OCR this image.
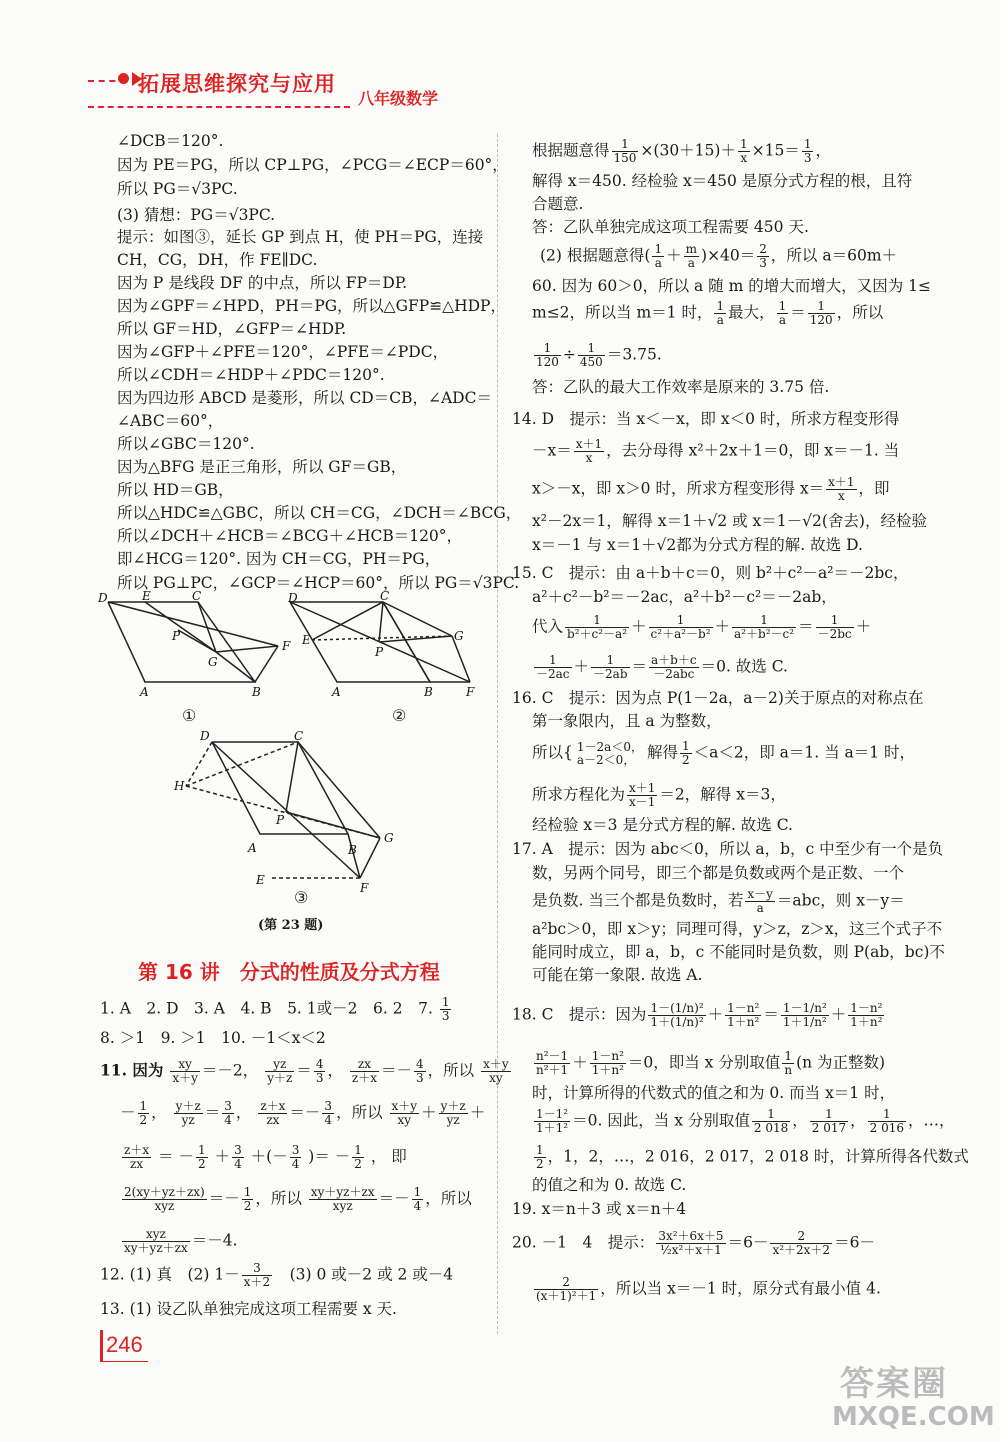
拓展思维探究与应用
八年级数学
∠DCB＝120°.
因为 PE＝PG，所以 CP⊥PG，∠PCG＝∠ECP＝60°，
所以 PG＝√3PC.
(3) 猜想：PG＝√3PC.
提示：如图③，延长 GP 到点 H，使 PH＝PG，连接
CH，CG，DH，作 FE∥DC.
因为 P 是线段 DF 的中点，所以 FP＝DP.
因为∠GPF＝∠HPD，PH＝PG，所以△GFP≌△HDP，
所以 GF＝HD，∠GFP＝∠HDP.
因为∠GFP＋∠PFE＝120°，∠PFE＝∠PDC，
所以∠CDH＝∠HDP＋∠PDC＝120°.
因为四边形 ABCD 是菱形，所以 CD＝CB，∠ADC＝
∠ABC＝60°，
所以∠GBC＝120°.
因为△BFG 是正三角形，所以 GF＝GB，
所以 HD＝GB，
所以△HDC≌△GBC，所以 CH＝CG，∠DCH＝∠BCG，
所以∠DCH＋∠HCB＝∠BCG＋∠HCB＝120°，
即∠HCG＝120°. 因为 CH＝CG，PH＝PG，
所以 PG⊥PC，∠GCP＝∠HCP＝60°，所以 PG＝√3PC.
D	E	C
P
G
F
A	B
D	C
E
P
G
A	B	F
D	C
H
P
G
A	B
E
F
①	②
③
(第 23 题)
第 16 讲　分式的性质及分式方程
1. A　2. D　3. A　4. B　5. 1或－2　6. 2　7. $\frac{1}{3}$
8. ＞1　9. ＞1　10. －1＜x＜2
11. 因为 $\frac{xy}{x+y} =-2$， $\frac{yz}{y+z} = \frac{4}{3}$ ， $\frac{zx}{z+x} =- \frac{4}{3}$ ，所以 $\frac{x+y}{xy}$
－ $\frac{1}{2}$ ， $\frac{y+z}{yz} = \frac{3}{4}$ ， $\frac{z+x}{zx} =- \frac{3}{4}$ ，所以 $\frac{x+y}{xy} + \frac{y+z}{yz}$ ＋
$\frac{z+x}{zx}$ ＝ － $\frac{1}{2} + \frac{3}{4}$ ＋(－ $\frac{3}{4}$ )＝ － $\frac{1}{2}$ ， 即
$\frac{2(xy+yz+zx)}{\text{xyz}} =- \frac{1}{2}$ ，所以 $\frac{xy+yz+zx}{\text{xyz}} =- \frac{1}{4}$ ，所以
$\frac{\text{xyz}}{xy+yz+zx} =-4$.
12. (1) 真　(2) $1- \frac{3}{x+2}$ 　(3) 0 或－2 或 2 或－4
13. (1) 设乙队单独完成这项工程需要 x 天.
根据题意得 $\frac{1}{150} \times(30+15)+ \frac{1}{x} \times 15= \frac{1}{3}$ ，
解得 x＝450. 经检验 x＝450 是原分式方程的根，且符
合题意.
答：乙队单独完成这项工程需要 450 天.
(2) 根据题意得( $\frac{1}{a} + \frac{m}{a} )\times 40= \frac{2}{3}$ ，所以 a＝60m＋
60. 因为 60＞0，所以 a 随 m 的增大而增大，又因为 1≤
m≤2，所以当 m＝1 时， $\frac{1}{a}$ 最大， $\frac{1}{a} = \frac{1}{120}$ ，所以
$\frac{1}{120} \div \frac{1}{450} =3.75$.
答：乙队的最大工作效率是原来的 3.75 倍.
14. D　提示：当 x＜－x，即 x＜0 时，所求方程变形得
$-x= \frac{x+1}{x}$ ，去分母得 x²＋2x＋1＝0，即 x＝－1. 当
x＞－x，即 x＞0 时，所求方程变形得 $x= \frac{x+1}{x}$ ，即
x²－2x＝1，解得 x＝1＋√2 或 x＝1－√2(舍去)，经检验
x＝－1 与 x＝1＋√2都为分式方程的解. 故选 D.
15. C　提示：由 a＋b＋c＝0，则 b²＋c²－a²＝－2bc，
a²＋c²－b²＝－2ac，a²＋b²－c²＝－2ab，
代入 $\frac{1}{\text{b²＋c²－a²}} + \frac{1}{\text{c²＋a²－b²}} + \frac{1}{\text{a²＋b²－c²}} = \frac{1}{-2bc}$ ＋
$\frac{1}{-2ac} + \frac{1}{-2ab} = \frac{a+b+c}{\text{－2abc}} =0$. 故选 C.
16. C　提示：因为点 P(1－2a，a－2)关于原点的对称点在
第一象限内，且 a 为整数，
所以{ 1－2a＜0，
a－2＜0， 解得 $\frac{1}{2} <a<2$，即 a＝1. 当 a＝1 时，
所求方程化为 $\frac{x+1}{x-1} =2$，解得 x＝3，
经检验 x＝3 是分式方程的解. 故选 C.
17. A　提示：因为 abc＜0，所以 a，b，c 中至少有一个是负
数，另两个同号，即三个都是负数或两个是正数、一个
是负数. 当三个都是负数时，若 $\frac{x-y}{a} =abc$，则 x－y＝
a²bc＞0，即 x＞y；同理可得，y＞z，z＞x，这三个式子不
能同时成立，即 a，b，c 不能同时是负数，则 P(ab，bc)不
可能在第一象限. 故选 A.
18. C　提示：因为 $\frac{\text{1－(1/n)²}}{\text{1＋(1/n)²}} + \frac{\text{1－n²}}{\text{1＋n²}} = \frac{\text{1－1/n²}}{\text{1＋1/n²}} + \frac{\text{1－n²}}{\text{1＋n²}}$
$\frac{\text{n²－1}}{\text{n²＋1}} + \frac{\text{1－n²}}{\text{1＋n²}} =0$，即当 x 分别取值 $\frac{1}{n} (n$ 为正整数)
时，计算所得的代数式的值之和为 0. 而当 x＝1 时，
$\frac{\text{1－1²}}{\text{1＋1²}} =0$. 因此，当 x 分别取值 $\frac{1}{2 018}$ ， $\frac{1}{2 017}$ ， $\frac{1}{2 016}$ ，…，
$\frac{1}{2}$ ，1，2，…，2 016，2 017，2 018 时，计算所得各代数式
的值之和为 0. 故选 C.
19. x＝n＋3 或 x＝n＋4
20. －1　4　提示： $\frac{\text{3x²＋6x＋5}}{\text{½x²＋x＋1}} =6- \frac{2}{\text{x²＋2x＋2}} =6-$
$\frac{2}{\text{(x＋1)²＋1}}$ ，所以当 x＝－1 时，原分式有最小值 4.
246
答案圈
MXQE.COM
